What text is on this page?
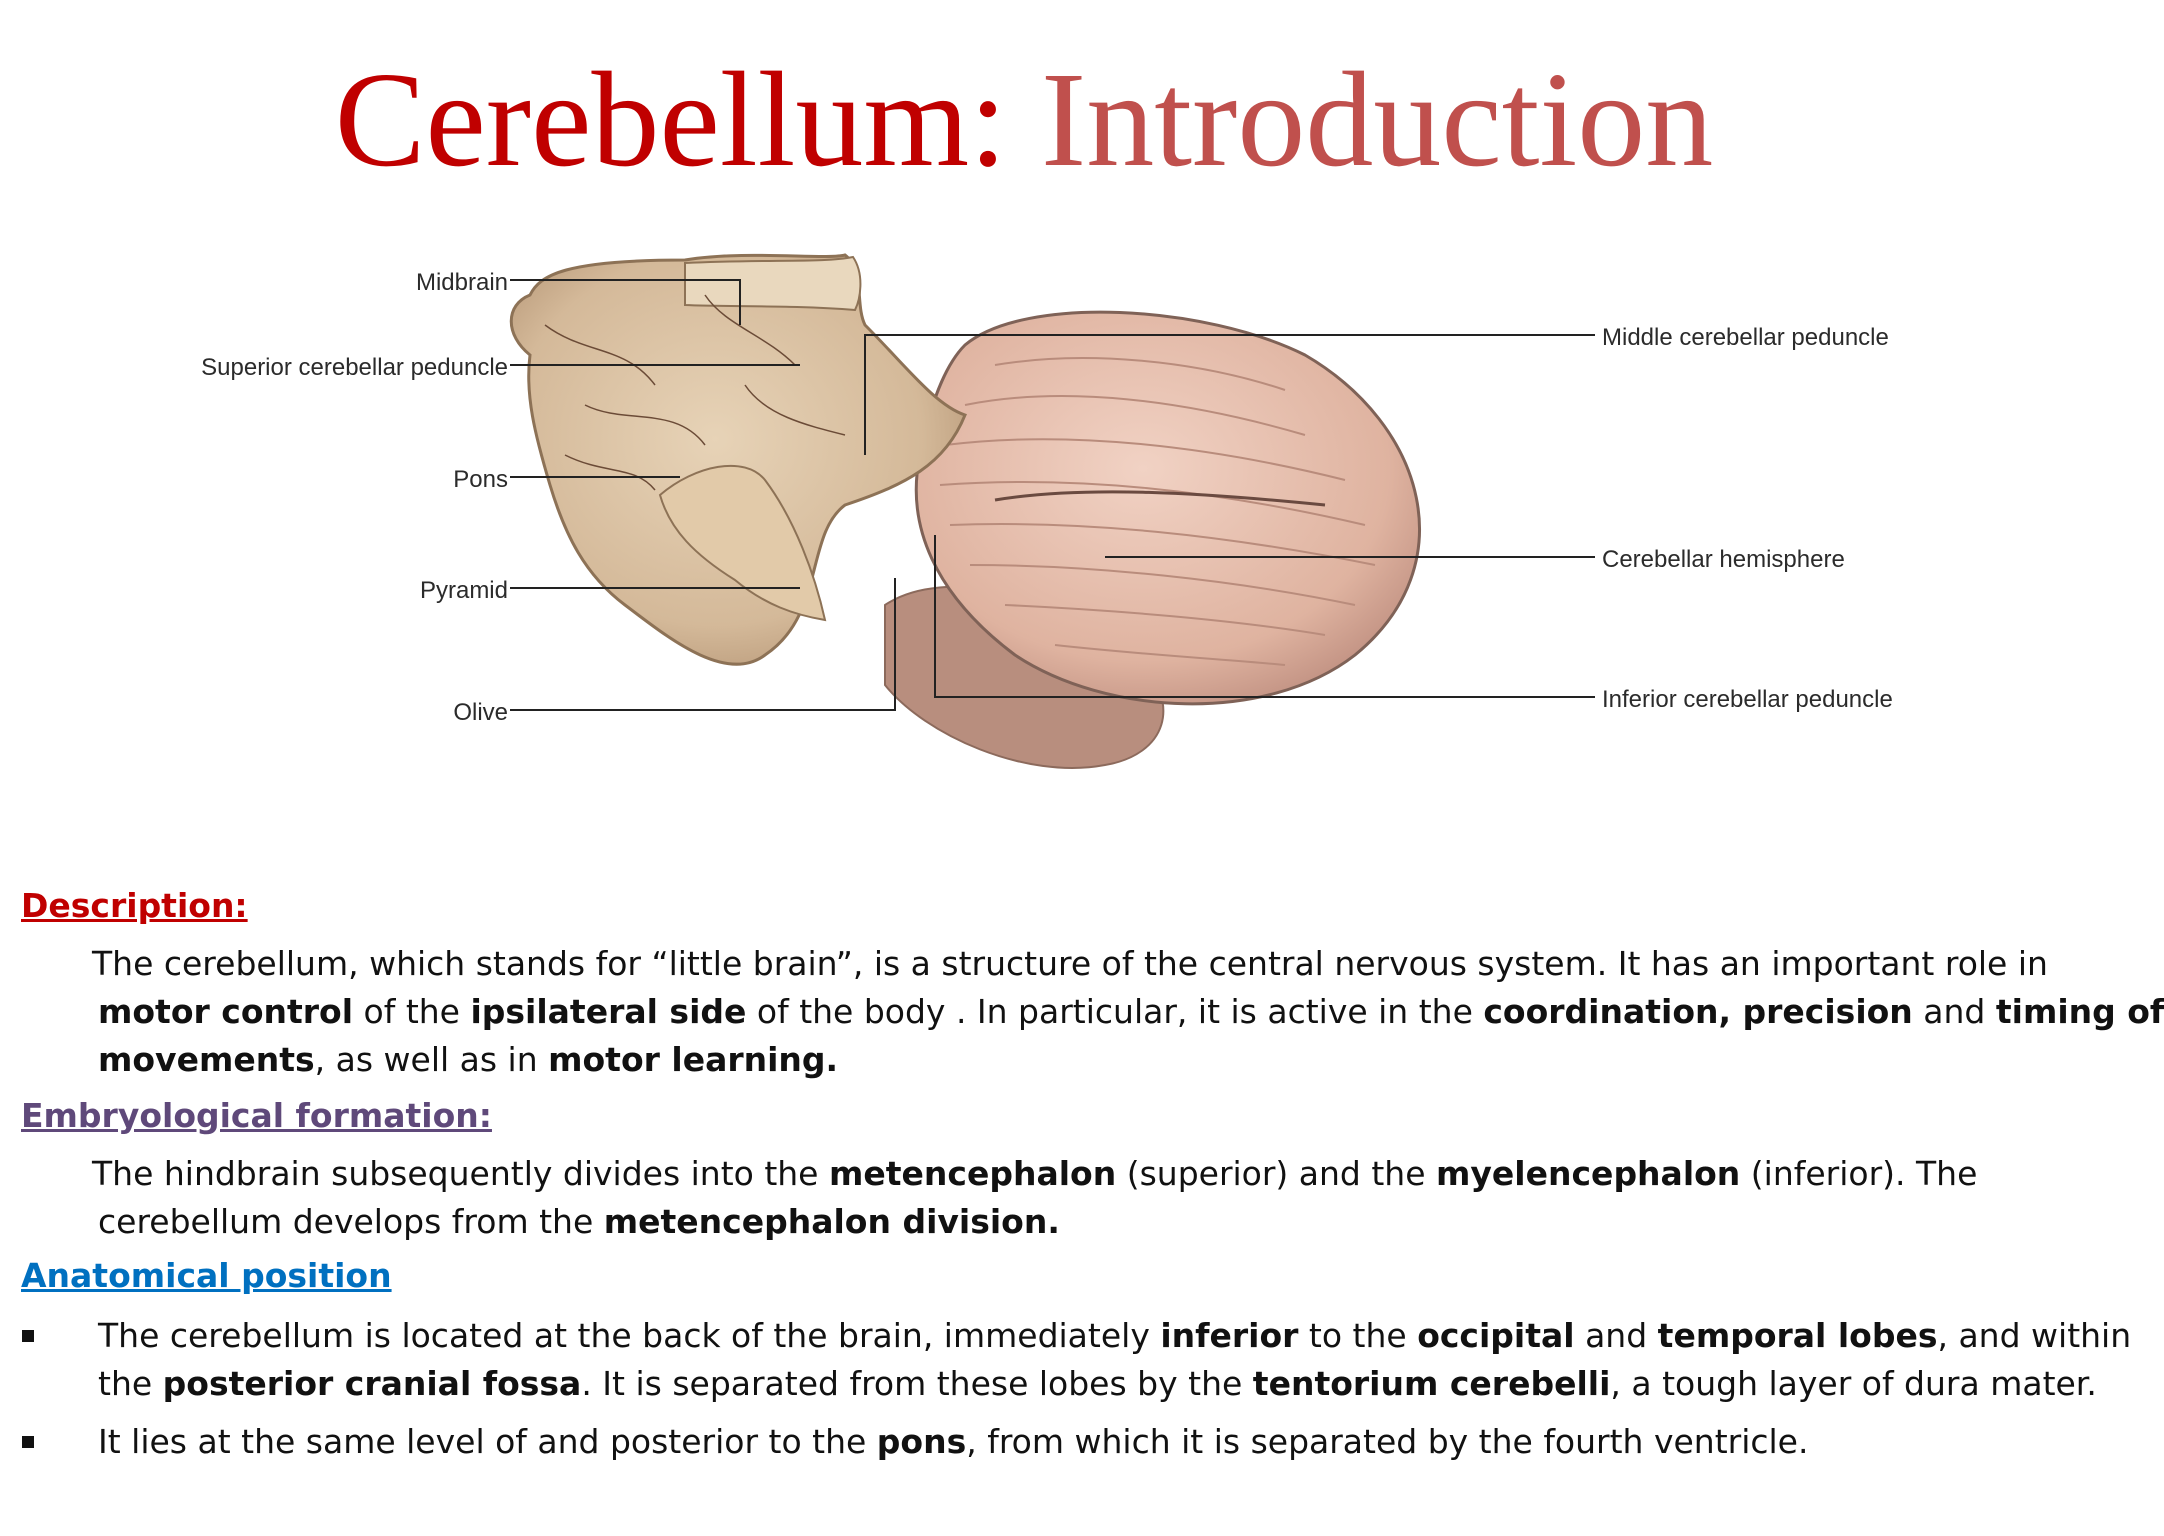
Cerebellum: Introduction
Midbrain
Superior cerebellar peduncle
Pons
Pyramid
Olive
Middle cerebellar peduncle
Cerebellar hemisphere
Inferior cerebellar peduncle
Description:
The cerebellum, which stands for “little brain”, is a structure of the central nervous system. It has an important role in
motor control of the ipsilateral side of the body . In particular, it is active in the coordination, precision and timing of
movements, as well as in motor learning.
Embryological formation:
The hindbrain subsequently divides into the metencephalon (superior) and the myelencephalon (inferior). The
cerebellum develops from the metencephalon division.
Anatomical position
The cerebellum is located at the back of the brain, immediately inferior to the occipital and temporal lobes, and within
the posterior cranial fossa. It is separated from these lobes by the tentorium cerebelli, a tough layer of dura mater.
It lies at the same level of and posterior to the pons, from which it is separated by the fourth ventricle.
